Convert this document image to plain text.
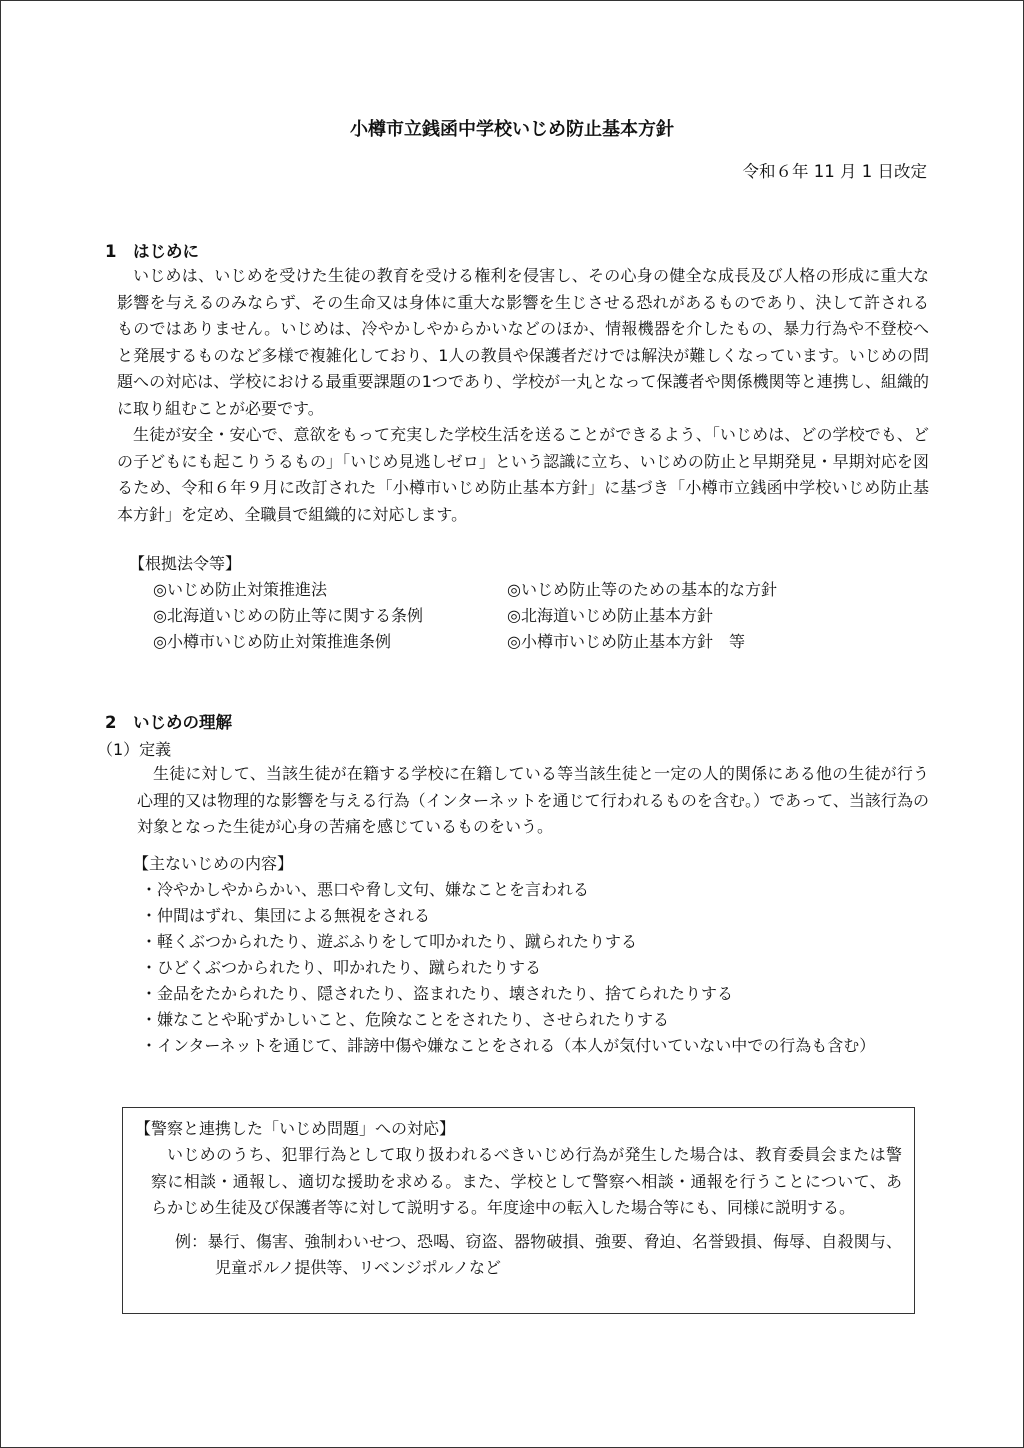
小樽市立銭函中学校いじめ防止基本方針
令和６年 11 月 1 日改定
1　はじめに

いじめは、いじめを受けた生徒の教育を受ける権利を侵害し、その心身の健全な成長及び人格の形成に重大な影響を与えるのみならず、その生命又は身体に重大な影響を生じさせる恐れがあるものであり、決して許されるものではありません。いじめは、冷やかしやからかいなどのほか、情報機器を介したもの、暴力行為や不登校へと発展するものなど多様で複雑化しており、1人の教員や保護者だけでは解決が難しくなっています。いじめの問題への対応は、学校における最重要課題の1つであり、学校が一丸となって保護者や関係機関等と連携し、組織的に取り組むことが必要です。

生徒が安全・安心で、意欲をもって充実した学校生活を送ることができるよう、「いじめは、どの学校でも、どの子どもにも起こりうるもの」「いじめ見逃しゼロ」という認識に立ち、いじめの防止と早期発見・早期対応を図るため、令和６年９月に改訂された「小樽市いじめ防止基本方針」に基づき「小樽市立銭函中学校いじめ防止基本方針」を定め、全職員で組織的に対応します。

【根拠法令等】
◎いじめ防止対策推進法	◎いじめ防止等のための基本的な方針
◎北海道いじめの防止等に関する条例	◎北海道いじめ防止基本方針
◎小樽市いじめ防止対策推進条例	◎小樽市いじめ防止基本方針　等
2　いじめの理解
（1）定義

生徒に対して、当該生徒が在籍する学校に在籍している等当該生徒と一定の人的関係にある他の生徒が行う心理的又は物理的な影響を与える行為（インターネットを通じて行われるものを含む。）であって、当該行為の対象となった生徒が心身の苦痛を感じているものをいう。

【主ないじめの内容】
・冷やかしやからかい、悪口や脅し文句、嫌なことを言われる
・仲間はずれ、集団による無視をされる
・軽くぶつかられたり、遊ぶふりをして叩かれたり、蹴られたりする
・ひどくぶつかられたり、叩かれたり、蹴られたりする
・金品をたかられたり、隠されたり、盗まれたり、壊されたり、捨てられたりする
・嫌なことや恥ずかしいこと、危険なことをされたり、させられたりする
・インターネットを通じて、誹謗中傷や嫌なことをされる（本人が気付いていない中での行為も含む）

【警察と連携した「いじめ問題」への対応】

いじめのうち、犯罪行為として取り扱われるべきいじめ行為が発生した場合は、教育委員会または警察に相談・通報し、適切な援助を求める。また、学校として警察へ相談・通報を行うことについて、あらかじめ生徒及び保護者等に対して説明する。年度途中の転入した場合等にも、同様に説明する。

例：暴行、傷害、強制わいせつ、恐喝、窃盗、器物破損、強要、脅迫、名誉毀損、侮辱、自殺関与、児童ポルノ提供等、リベンジポルノなど
